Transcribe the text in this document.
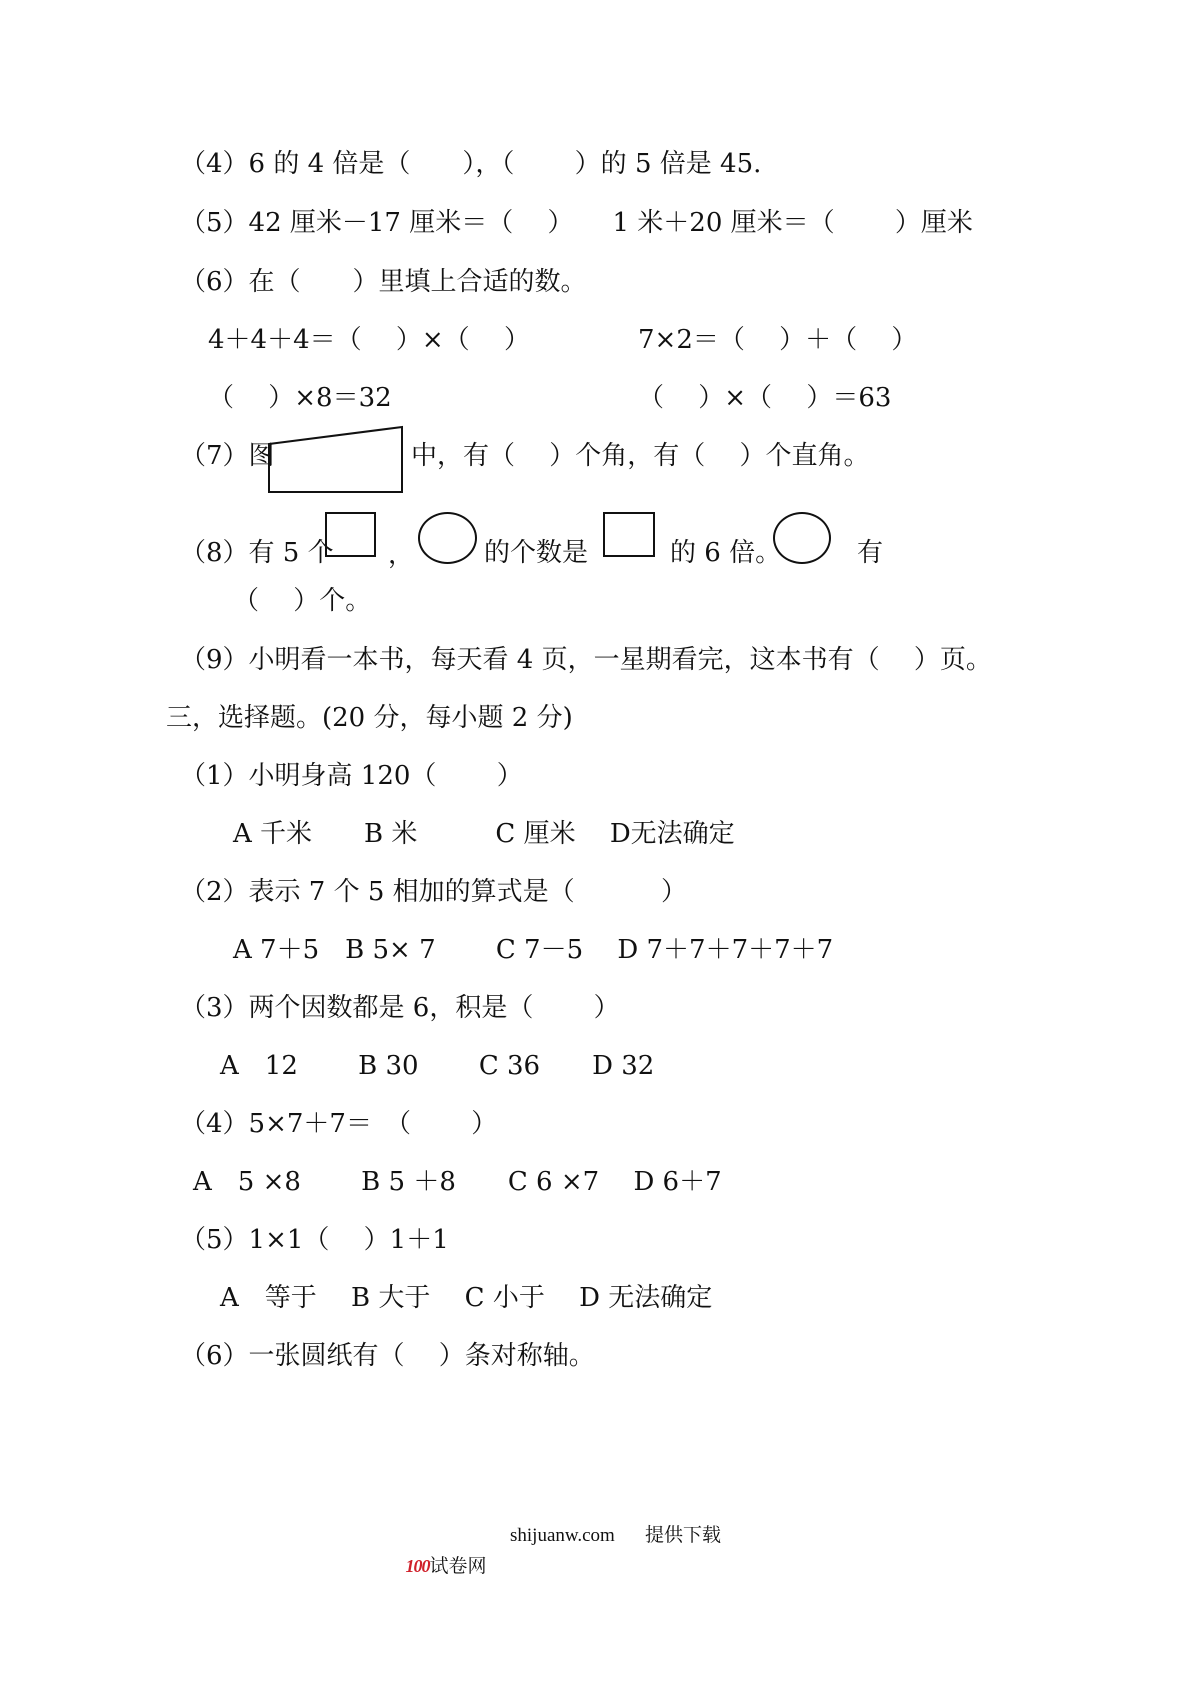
（4）6 的 4 倍是（　　），（　　 ）的 5 倍是 45.
（5）42 厘米－17 厘米＝（　 ）　　1 米＋20 厘米＝（　　 ）厘米
（6）在（　　）里填上合适的数。
4＋4＋4＝（　 ）×（　 ）	7×2＝（　 ）＋（　 ）
（　 ）×8＝32	（　 ）×（　 ）＝63
（7）图	中，有（　 ）个角，有（　 ）个直角。
（8）有 5 个 ，	的个数是	的 6 倍。	有
（　 ）个。
（9）小明看一本书，每天看 4 页，一星期看完，这本书有（　 ）页。
三，选择题。(20 分，每小题 2 分)
（1）小明身高 120（　　 ）
A 千米　　B 米　　　C 厘米　 D无法确定
（2）表示 7 个 5 相加的算式是（　　　 ）
A 7＋5　B 5× 7　　 C 7－5　 D 7＋7＋7＋7＋7
（3）两个因数都是 6，积是（　　 ）
A　12　　 B 30　　 C 36　　D 32
（4）5×7＋7＝　（　　 ）
A　5 ×8　　 B 5 ＋8　　C 6 ×7　 D 6＋7
（5）1×1（　 ）1＋1
A　等于　 B 大于　 C 小于　 D 无法确定
（6）一张圆纸有（　 ）条对称轴。

100试卷网

shijuanw.com 提供下载
